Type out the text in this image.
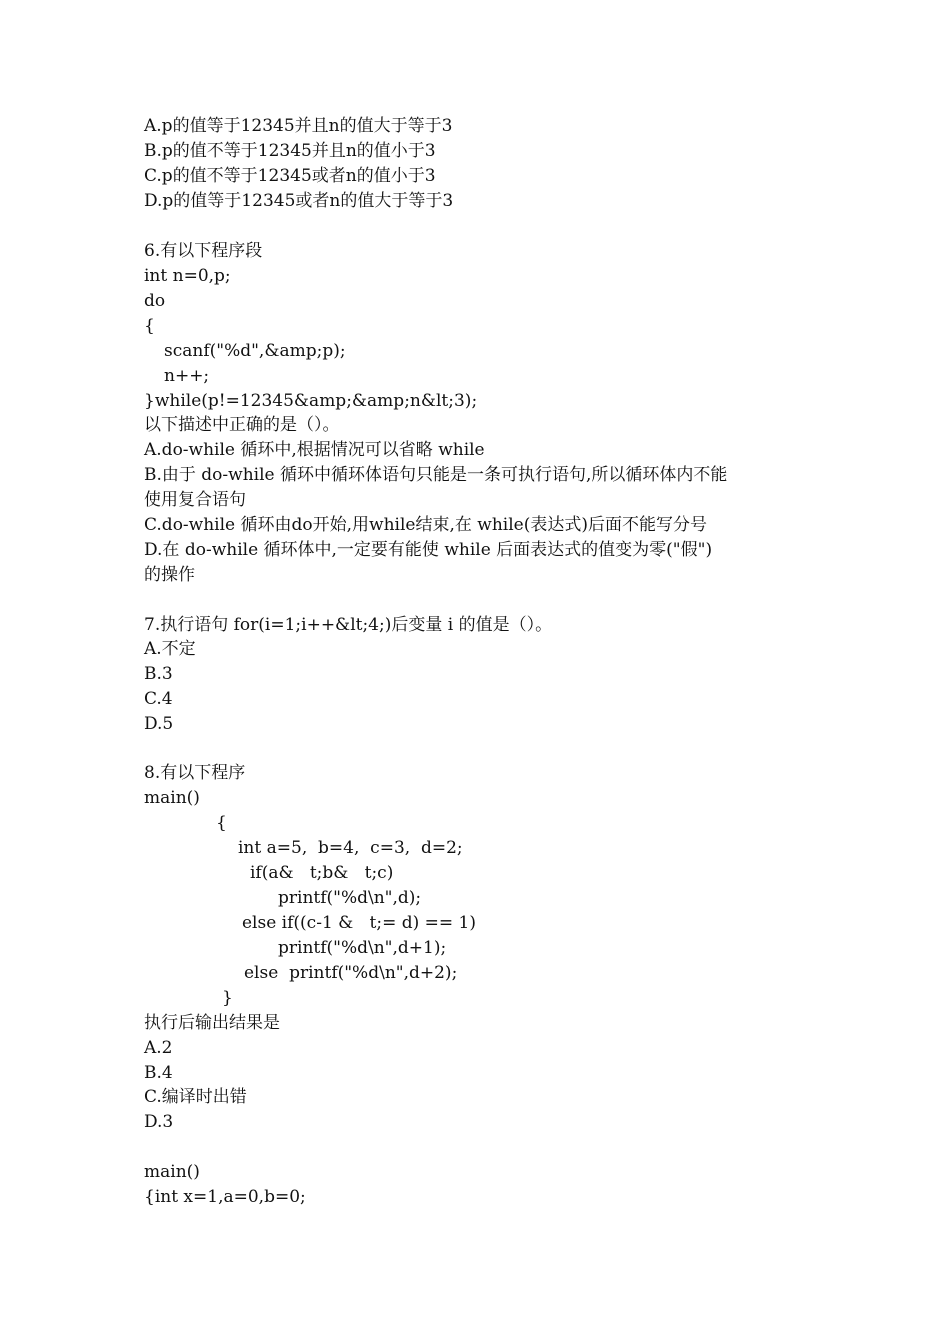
A.p的值等于12345并且n的值大于等于3
B.p的值不等于12345并且n的值小于3
C.p的值不等于12345或者n的值小于3
D.p的值等于12345或者n的值大于等于3
6.有以下程序段
int n=0,p;
do
{
scanf("%d",&amp;p);
n++;
}while(p!=12345&amp;&amp;n&lt;3);
以下描述中正确的是（）。
A.do-while 循环中,根据情况可以省略 while
B.由于 do-while 循环中循环体语句只能是一条可执行语句,所以循环体内不能
使用复合语句
C.do-while 循环由do开始,用while结束,在 while(表达式)后面不能写分号
D.在 do-while 循环体中,一定要有能使 while 后面表达式的值变为零("假")
的操作
7.执行语句 for(i=1;i++&lt;4;)后变量 i 的值是（）。
A.不定
B.3
C.4
D.5
8.有以下程序
main()
{
int a=5,  b=4,  c=3,  d=2;
if(a&   t;b&   t;c)
printf("%d\n",d);
else if((c-1 &   t;= d) == 1)
printf("%d\n",d+1);
else  printf("%d\n",d+2);
}
执行后输出结果是
A.2
B.4
C.编译时出错
D.3
main()
{int x=1,a=0,b=0;
